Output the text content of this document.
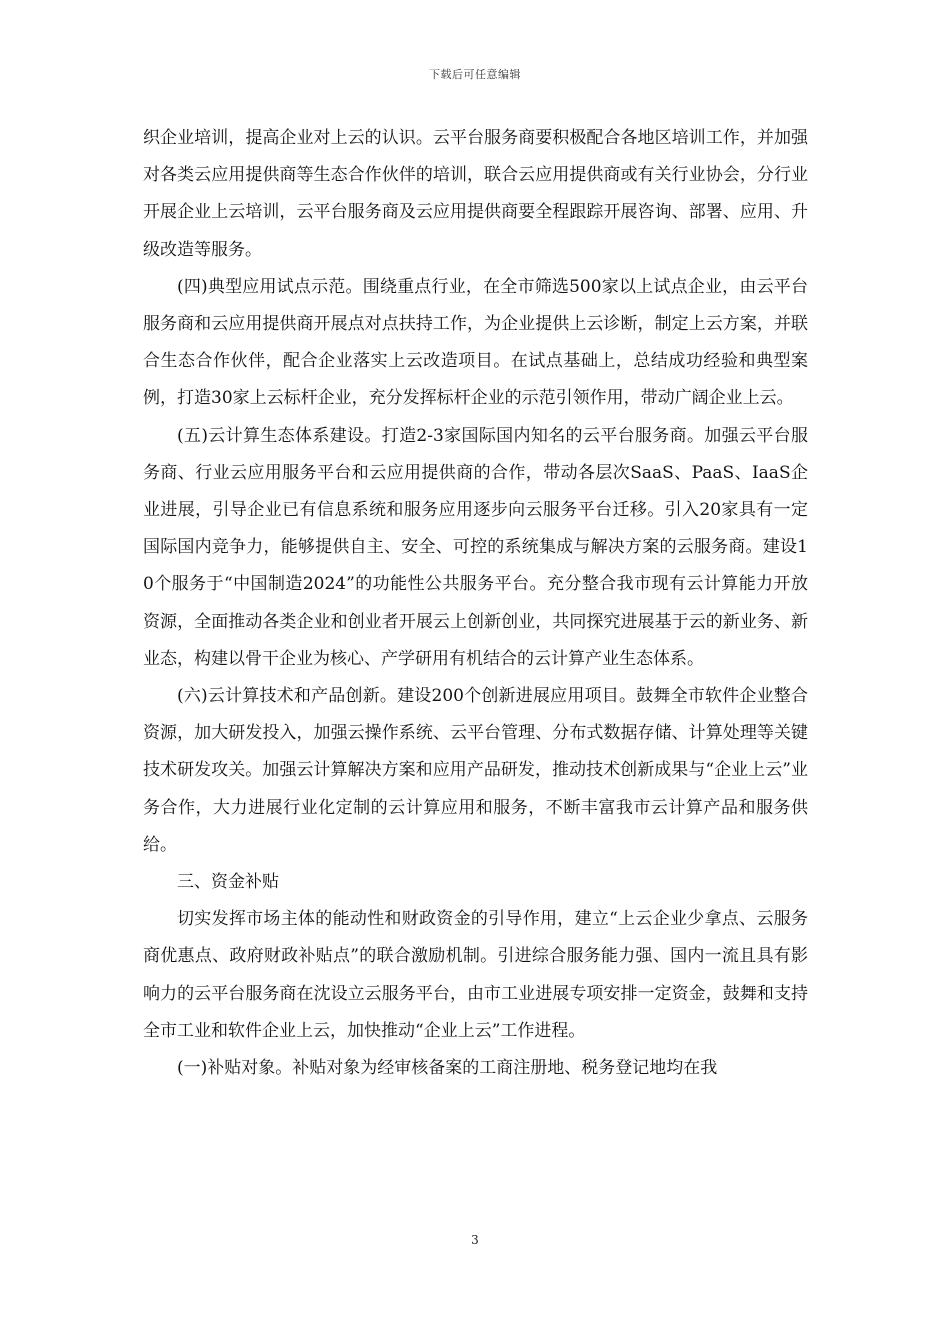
下载后可任意编辑

织企业培训，提高企业对上云的认识。云平台服务商要积极配合各地区培训工作，并加强对各类云应用提供商等生态合作伙伴的培训，联合云应用提供商或有关行业协会，分行业开展企业上云培训，云平台服务商及云应用提供商要全程跟踪开展咨询、部署、应用、升级改造等服务。

(四)典型应用试点示范。围绕重点行业，在全市筛选500家以上试点企业，由云平台服务商和云应用提供商开展点对点扶持工作，为企业提供上云诊断，制定上云方案，并联合生态合作伙伴，配合企业落实上云改造项目。在试点基础上，总结成功经验和典型案例，打造30家上云标杆企业，充分发挥标杆企业的示范引领作用，带动广阔企业上云。

(五)云计算生态体系建设。打造2-3家国际国内知名的云平台服务商。加强云平台服务商、行业云应用服务平台和云应用提供商的合作，带动各层次SaaS、PaaS、IaaS企业进展，引导企业已有信息系统和服务应用逐步向云服务平台迁移。引入20家具有一定国际国内竞争力，能够提供自主、安全、可控的系统集成与解决方案的云服务商。建设10个服务于“中国制造2024”的功能性公共服务平台。充分整合我市现有云计算能力开放资源，全面推动各类企业和创业者开展云上创新创业，共同探究进展基于云的新业务、新业态，构建以骨干企业为核心、产学研用有机结合的云计算产业生态体系。

(六)云计算技术和产品创新。建设200个创新进展应用项目。鼓舞全市软件企业整合资源，加大研发投入，加强云操作系统、云平台管理、分布式数据存储、计算处理等关键技术研发攻关。加强云计算解决方案和应用产品研发，推动技术创新成果与“企业上云”业务合作，大力进展行业化定制的云计算应用和服务，不断丰富我市云计算产品和服务供给。

三、资金补贴

切实发挥市场主体的能动性和财政资金的引导作用，建立“上云企业少拿点、云服务商优惠点、政府财政补贴点”的联合激励机制。引进综合服务能力强、国内一流且具有影响力的云平台服务商在沈设立云服务平台，由市工业进展专项安排一定资金，鼓舞和支持全市工业和软件企业上云，加快推动“企业上云”工作进程。

(一)补贴对象。补贴对象为经审核备案的工商注册地、税务登记地均在我

3
